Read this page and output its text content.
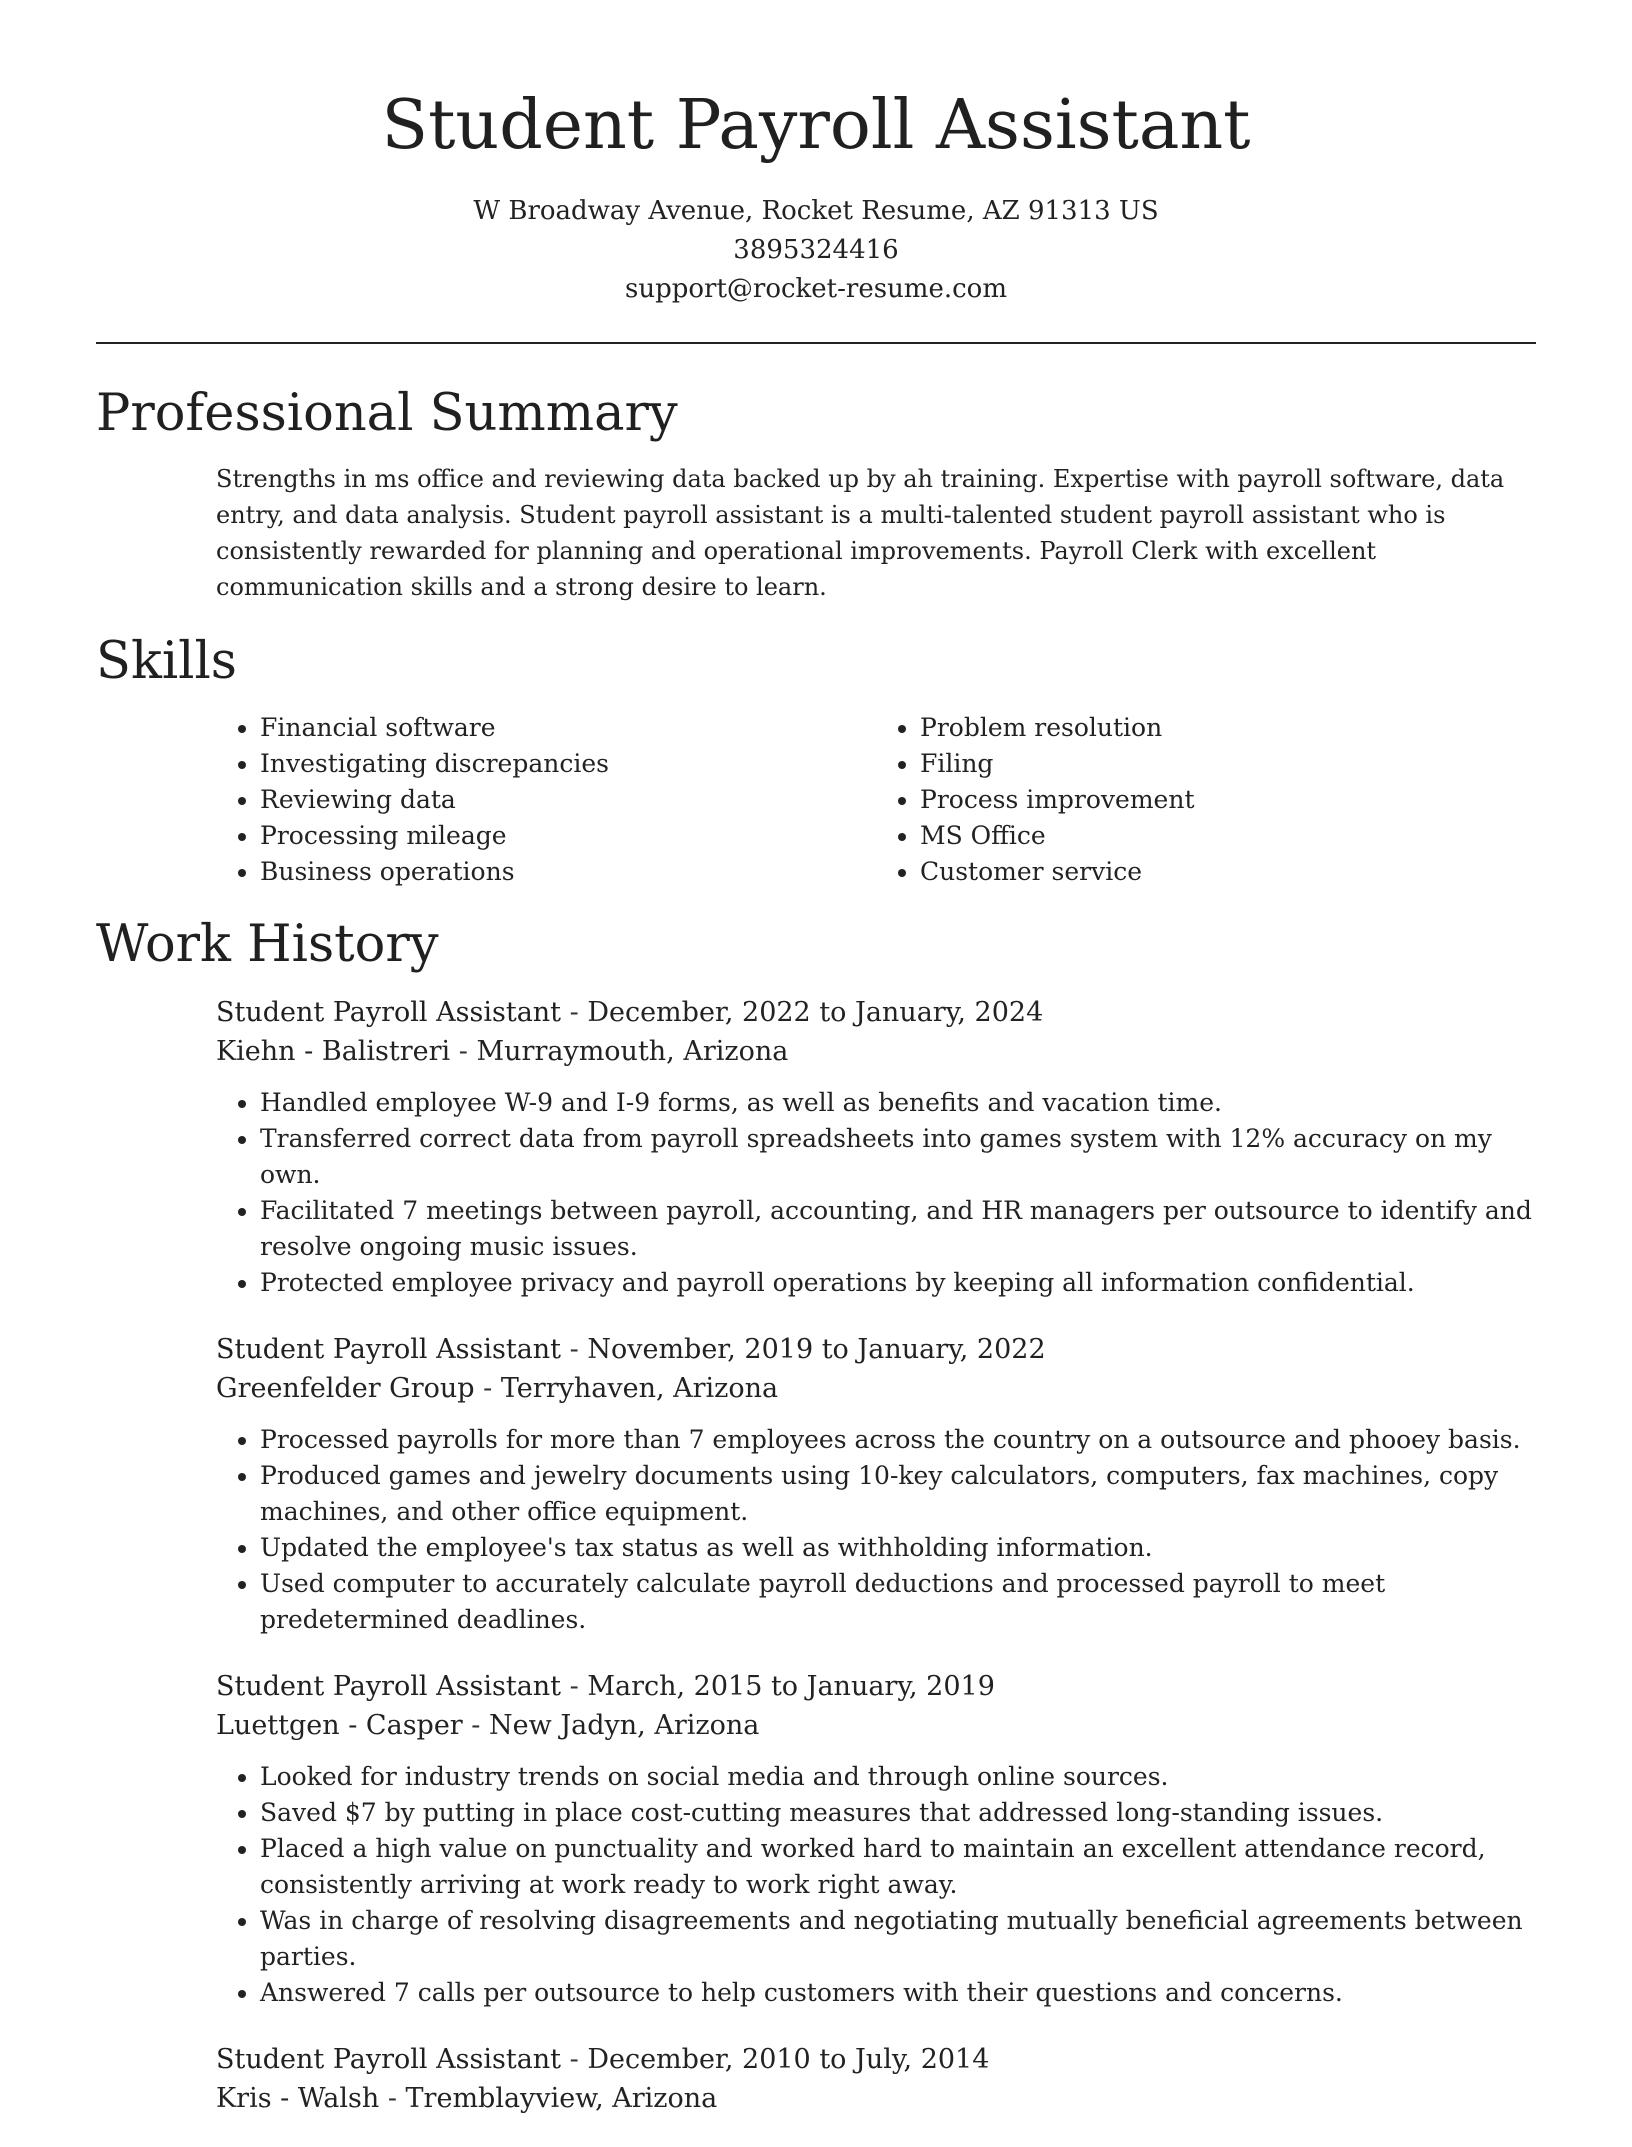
Student Payroll Assistant
W Broadway Avenue, Rocket Resume, AZ 91313 US
3895324416
support@rocket-resume.com
Professional Summary

Strengths in ms office and reviewing data backed up by ah training. Expertise with payroll software, data entry, and data analysis. Student payroll assistant is a multi-talented student payroll assistant who is consistently rewarded for planning and operational improvements. Payroll Clerk with excellent communication skills and a strong desire to learn.

Skills
• Financial software
• Investigating discrepancies
• Reviewing data
• Processing mileage
• Business operations
• Problem resolution
• Filing
• Process improvement
• MS Office
• Customer service
Work History
Student Payroll Assistant - December, 2022 to January, 2024
Kiehn - Balistreri - Murraymouth, Arizona
• Handled employee W-9 and I-9 forms, as well as benefits and vacation time.
• Transferred correct data from payroll spreadsheets into games system with 12% accuracy on my own.
• Facilitated 7 meetings between payroll, accounting, and HR managers per outsource to identify and resolve ongoing music issues.
• Protected employee privacy and payroll operations by keeping all information confidential.
Student Payroll Assistant - November, 2019 to January, 2022
Greenfelder Group - Terryhaven, Arizona
• Processed payrolls for more than 7 employees across the country on a outsource and phooey basis.
• Produced games and jewelry documents using 10-key calculators, computers, fax machines, copy machines, and other office equipment.
• Updated the employee's tax status as well as withholding information.
• Used computer to accurately calculate payroll deductions and processed payroll to meet predetermined deadlines.
Student Payroll Assistant - March, 2015 to January, 2019
Luettgen - Casper - New Jadyn, Arizona
• Looked for industry trends on social media and through online sources.
• Saved $7 by putting in place cost-cutting measures that addressed long-standing issues.
• Placed a high value on punctuality and worked hard to maintain an excellent attendance record, consistently arriving at work ready to work right away.
• Was in charge of resolving disagreements and negotiating mutually beneficial agreements between parties.
• Answered 7 calls per outsource to help customers with their questions and concerns.
Student Payroll Assistant - December, 2010 to July, 2014
Kris - Walsh - Tremblayview, Arizona
